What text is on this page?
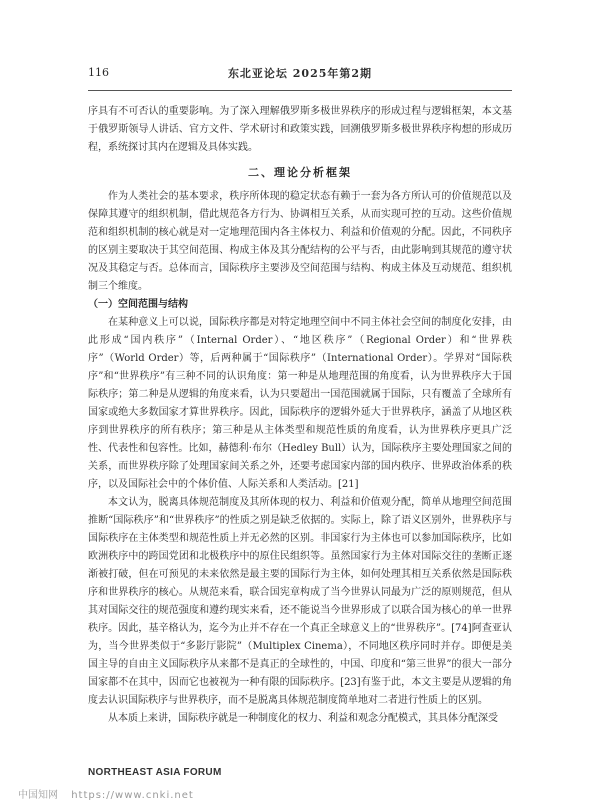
116	东北亚论坛 2025年第2期

序具有不可否认的重要影响。为了深入理解俄罗斯多极世界秩序的形成过程与逻辑框架，本文基于俄罗斯领导人讲话、官方文件、学术研讨和政策实践，回溯俄罗斯多极世界秩序构想的形成历程，系统探讨其内在逻辑及具体实践。

二、理论分析框架

作为人类社会的基本要求，秩序所体现的稳定状态有赖于一套为各方所认可的价值规范以及保障其遵守的组织机制，借此规范各方行为、协调相互关系，从而实现可控的互动。这些价值规范和组织机制的核心就是对一定地理范围内各主体权力、利益和价值观的分配。因此，不同秩序的区别主要取决于其空间范围、构成主体及其分配结构的公平与否，由此影响到其规范的遵守状况及其稳定与否。总体而言，国际秩序主要涉及空间范围与结构、构成主体及互动规范、组织机制三个维度。

（一）空间范围与结构

在某种意义上可以说，国际秩序都是对特定地理空间中不同主体社会空间的制度化安排，由此形成“国内秩序”（Internal Order）、“地区秩序”（Regional Order）和“世界秩序”（World Order）等，后两种属于“国际秩序”（International Order）。学界对“国际秩序”和“世界秩序”有三种不同的认识角度：第一种是从地理范围的角度看，认为世界秩序大于国际秩序；第二种是从逻辑的角度来看，认为只要超出一国范围就属于国际，只有覆盖了全球所有国家或绝大多数国家才算世界秩序。因此，国际秩序的逻辑外延大于世界秩序，涵盖了从地区秩序到世界秩序的所有秩序；第三种是从主体类型和规范性质的角度看，认为世界秩序更具广泛性、代表性和包容性。比如，赫德利·布尔（Hedley Bull）认为，国际秩序主要处理国家之间的关系，而世界秩序除了处理国家间关系之外，还要考虑国家内部的国内秩序、世界政治体系的秩序，以及国际社会中的个体价值、人际关系和人类活动。[21]

本文认为，脱离具体规范制度及其所体现的权力、利益和价值观分配，简单从地理空间范围推断“国际秩序”和“世界秩序”的性质之别是缺乏依据的。实际上，除了语义区别外，世界秩序与国际秩序在主体类型和规范性质上并无必然的区别。非国家行为主体也可以参加国际秩序，比如欧洲秩序中的跨国党团和北极秩序中的原住民组织等。虽然国家行为主体对国际交往的垄断正逐渐被打破，但在可预见的未来依然是最主要的国际行为主体，如何处理其相互关系依然是国际秩序和世界秩序的核心。从规范来看，联合国宪章构成了当今世界认同最为广泛的原则规范，但从其对国际交往的规范强度和遵约现实来看，还不能说当今世界形成了以联合国为核心的单一世界秩序。因此，基辛格认为，迄今为止并不存在一个真正全球意义上的“世界秩序”。[74]阿查亚认为，当今世界类似于“多影厅影院”（Multiplex Cinema），不同地区秩序同时并存。即便是美国主导的自由主义国际秩序从来都不是真正的全球性的，中国、印度和“第三世界”的很大一部分国家都不在其中，因而它也被视为一种有限的国际秩序。[23]有鉴于此，本文主要是从逻辑的角度去认识国际秩序与世界秩序，而不是脱离具体规范制度简单地对二者进行性质上的区别。

从本质上来讲，国际秩序就是一种制度化的权力、利益和观念分配模式，其具体分配深受

NORTHEAST ASIA FORUM
中国知网 https://www.cnki.net
